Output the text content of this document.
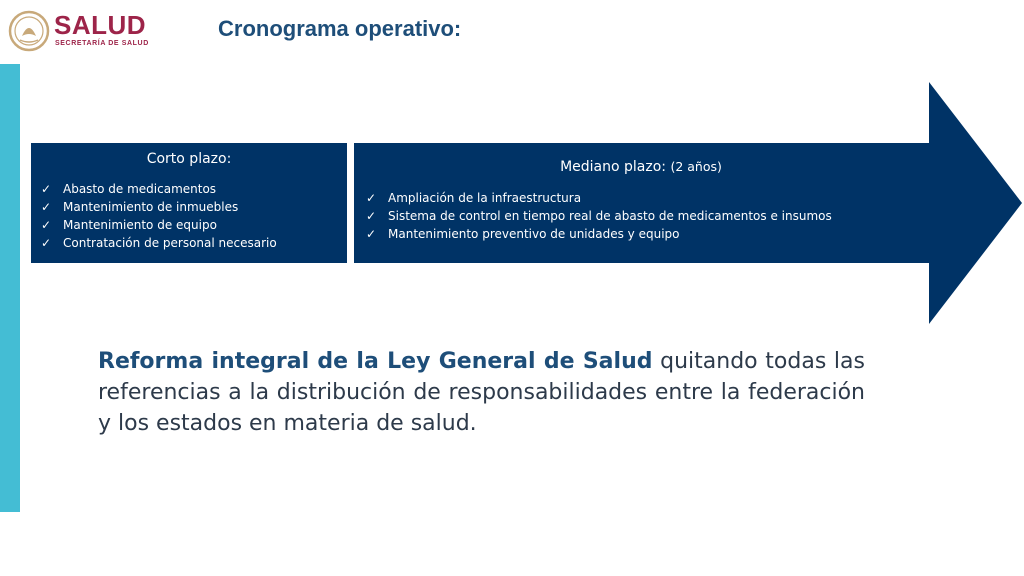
SALUD
SECRETARÍA DE SALUD
Cronograma operativo:
Corto plazo:
✓ Abasto de medicamentos
✓ Mantenimiento de inmuebles
✓ Mantenimiento de equipo
✓ Contratación de personal necesario
Mediano plazo: (2 años)
✓ Ampliación de la infraestructura
✓ Sistema de control en tiempo real de abasto de medicamentos e insumos
✓ Mantenimiento preventivo de unidades y equipo

Reforma integral de la Ley General de Salud quitando todas las referencias a la distribución de responsabilidades entre la federación y los estados en materia de salud.
